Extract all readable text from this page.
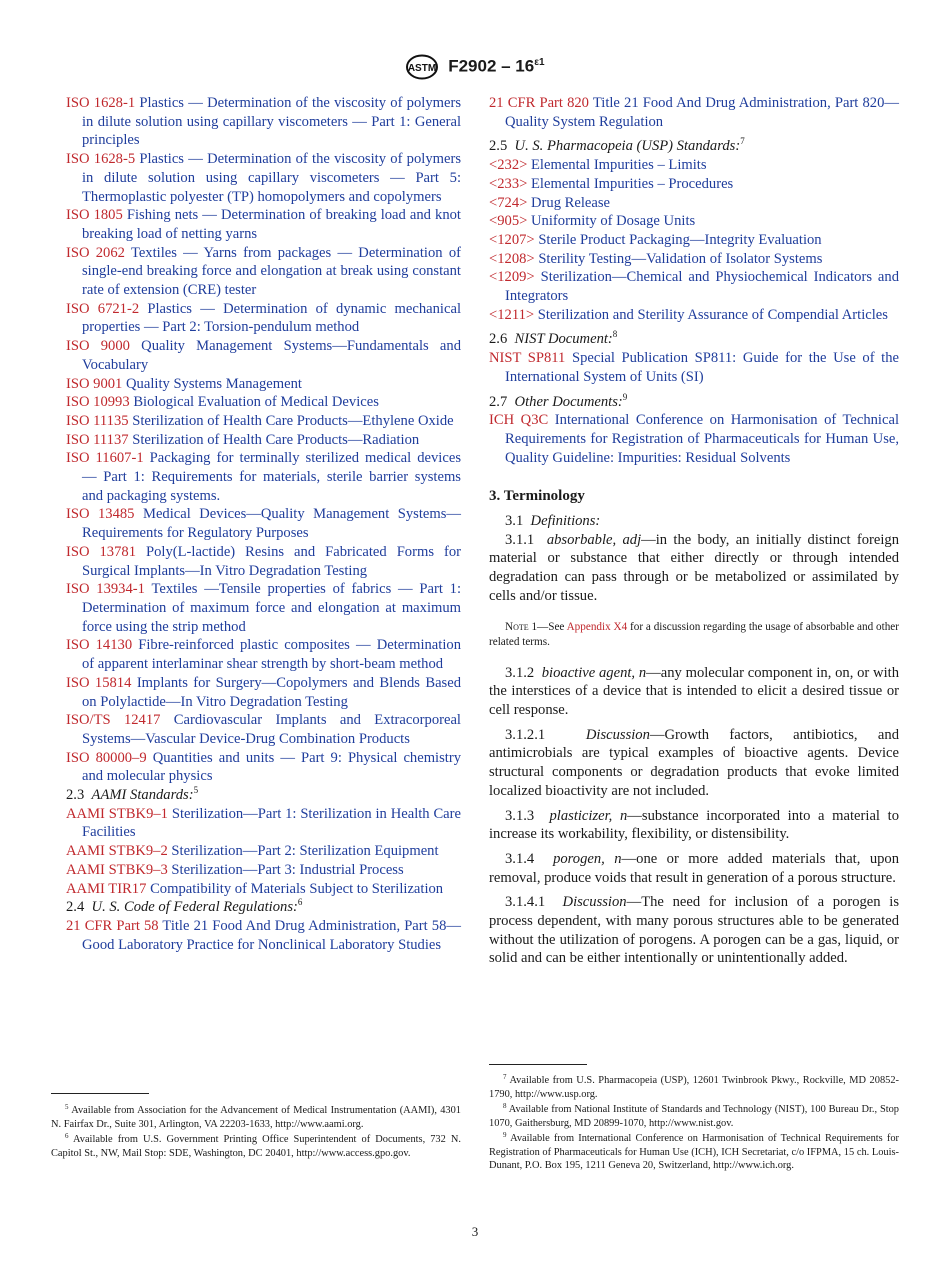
ASTM $F2902 - 16^{\varepsilon 1}$

ISO 1628-1 Plastics — Determination of the viscosity of polymers in dilute solution using capillary viscometers — Part 1: General principles

ISO 1628-5 Plastics — Determination of the viscosity of polymers in dilute solution using capillary viscometers — Part 5: Thermoplastic polyester (TP) homopolymers and copolymers

ISO 1805 Fishing nets — Determination of breaking load and knot breaking load of netting yarns

ISO 2062 Textiles — Yarns from packages — Determination of single-end breaking force and elongation at break using constant rate of extension (CRE) tester

ISO 6721-2 Plastics — Determination of dynamic mechanical properties — Part 2: Torsion-pendulum method

ISO 9000 Quality Management Systems—Fundamentals and Vocabulary

ISO 9001 Quality Systems Management

ISO 10993 Biological Evaluation of Medical Devices

ISO 11135 Sterilization of Health Care Products—Ethylene Oxide

ISO 11137 Sterilization of Health Care Products—Radiation

ISO 11607-1 Packaging for terminally sterilized medical devices — Part 1: Requirements for materials, sterile barrier systems and packaging systems.

ISO 13485 Medical Devices—Quality Management Systems—Requirements for Regulatory Purposes

ISO 13781 Poly(L-lactide) Resins and Fabricated Forms for Surgical Implants—In Vitro Degradation Testing

ISO 13934-1 Textiles —Tensile properties of fabrics — Part 1: Determination of maximum force and elongation at maximum force using the strip method

ISO 14130 Fibre-reinforced plastic composites — Determination of apparent interlaminar shear strength by short-beam method

ISO 15814 Implants for Surgery—Copolymers and Blends Based on Polylactide—In Vitro Degradation Testing

ISO/TS 12417 Cardiovascular Implants and Extracorporeal Systems—Vascular Device-Drug Combination Products

ISO 80000–9 Quantities and units — Part 9: Physical chemistry and molecular physics

2.3 AAMI Standards:$^5$

AAMI STBK9–1 Sterilization—Part 1: Sterilization in Health Care Facilities

AAMI STBK9–2 Sterilization—Part 2: Sterilization Equipment

AAMI STBK9–3 Sterilization—Part 3: Industrial Process

AAMI TIR17 Compatibility of Materials Subject to Sterilization

2.4 U. S. Code of Federal Regulations:$^6$

21 CFR Part 58 Title 21 Food And Drug Administration, Part 58—Good Laboratory Practice for Nonclinical Laboratory Studies

21 CFR Part 820 Title 21 Food And Drug Administration, Part 820—Quality System Regulation

2.5 U. S. Pharmacopeia (USP) Standards:$^7$

<232> Elemental Impurities – Limits

<233> Elemental Impurities – Procedures

<724> Drug Release

<905> Uniformity of Dosage Units

<1207> Sterile Product Packaging—Integrity Evaluation

<1208> Sterility Testing—Validation of Isolator Systems

<1209> Sterilization—Chemical and Physiochemical Indicators and Integrators

<1211> Sterilization and Sterility Assurance of Compendial Articles

2.6 NIST Document:$^8$

NIST SP811 Special Publication SP811: Guide for the Use of the International System of Units (SI)

2.7 Other Documents:$^9$

ICH Q3C International Conference on Harmonisation of Technical Requirements for Registration of Pharmaceuticals for Human Use, Quality Guideline: Impurities: Residual Solvents

3. Terminology

3.1 Definitions:

3.1.1 absorbable, adj—in the body, an initially distinct foreign material or substance that either directly or through intended degradation can pass through or be metabolized or assimilated by cells and/or tissue.

Note 1—See Appendix X4 for a discussion regarding the usage of absorbable and other related terms.

3.1.2 bioactive agent, n—any molecular component in, on, or with the interstices of a device that is intended to elicit a desired tissue or cell response.

3.1.2.1	Discussion—Growth factors, antibiotics, and antimicrobials are typical examples of bioactive agents. Device structural components or degradation products that evoke limited localized bioactivity are not included.

3.1.3 plasticizer, n—substance incorporated into a material to increase its workability, flexibility, or distensibility.

3.1.4 porogen, n—one or more added materials that, upon removal, produce voids that result in generation of a porous structure.

3.1.4.1 Discussion—The need for inclusion of a porogen is process dependent, with many porous structures able to be generated without the utilization of porogens. A porogen can be a gas, liquid, or solid and can be either intentionally or unintentionally added.

$^5$ Available from Association for the Advancement of Medical Instrumentation (AAMI), 4301 N. Fairfax Dr., Suite 301, Arlington, VA 22203-1633, http://www.aami.org.

$^6$ Available from U.S. Government Printing Office Superintendent of Documents, 732 N. Capitol St., NW, Mail Stop: SDE, Washington, DC 20401, http://www.access.gpo.gov.

$^7$ Available from U.S. Pharmacopeia (USP), 12601 Twinbrook Pkwy., Rockville, MD 20852-1790, http://www.usp.org.

$^8$ Available from National Institute of Standards and Technology (NIST), 100 Bureau Dr., Stop 1070, Gaithersburg, MD 20899-1070, http://www.nist.gov.

$^9$ Available from International Conference on Harmonisation of Technical Requirements for Registration of Pharmaceuticals for Human Use (ICH), ICH Secretariat, c/o IFPMA, 15 ch. Louis-Dunant, P.O. Box 195, 1211 Geneva 20, Switzerland, http://www.ich.org.

3
